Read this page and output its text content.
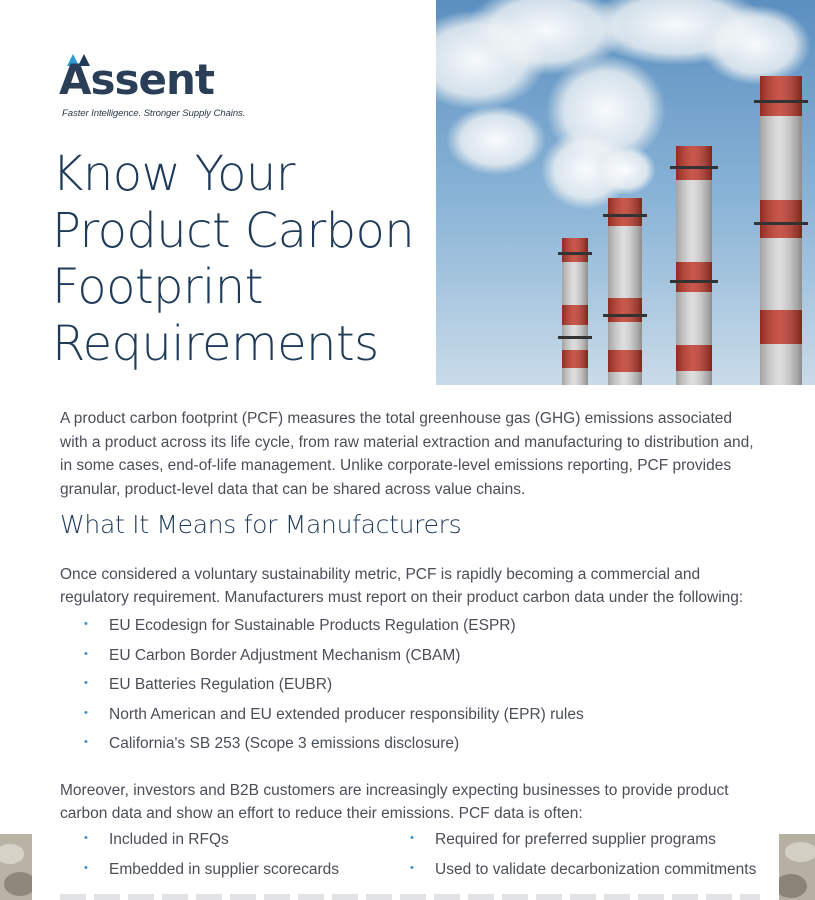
Assent
Faster Intelligence. Stronger Supply Chains.
Know Your
Product Carbon
Footprint
Requirements

A product carbon footprint (PCF) measures the total greenhouse gas (GHG) emissions associated with a product across its life cycle, from raw material extraction and manufacturing to distribution and, in some cases, end-of-life management. Unlike corporate-level emissions reporting, PCF provides granular, product-level data that can be shared across value chains.

What It Means for Manufacturers

Once considered a voluntary sustainability metric, PCF is rapidly becoming a commercial and regulatory requirement. Manufacturers must report on their product carbon data under the following:

• EU Ecodesign for Sustainable Products Regulation (ESPR)
• EU Carbon Border Adjustment Mechanism (CBAM)
• EU Batteries Regulation (EUBR)
• North American and EU extended producer responsibility (EPR) rules
• California's SB 253 (Scope 3 emissions disclosure)

Moreover, investors and B2B customers are increasingly expecting businesses to provide product carbon data and show an effort to reduce their emissions. PCF data is often:

• Included in RFQs
• Embedded in supplier scorecards
• Required for preferred supplier programs
• Used to validate decarbonization commitments
